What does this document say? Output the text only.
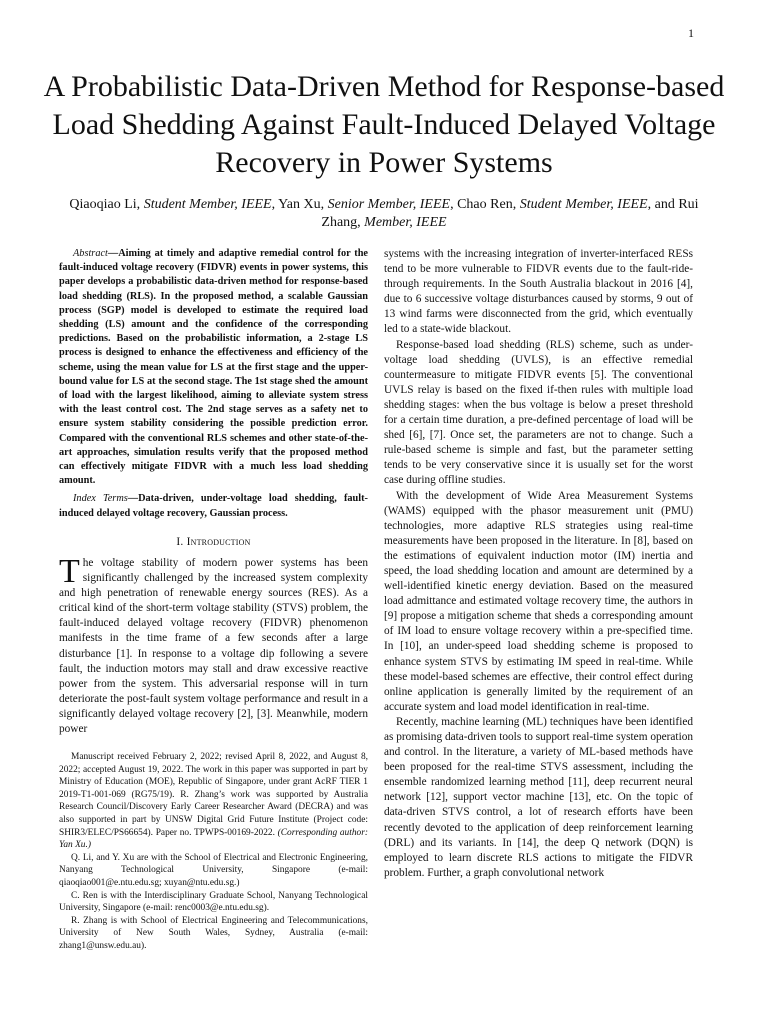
1
A Probabilistic Data-Driven Method for Response-based Load Shedding Against Fault-Induced Delayed Voltage Recovery in Power Systems
Qiaoqiao Li, Student Member, IEEE, Yan Xu, Senior Member, IEEE, Chao Ren, Student Member, IEEE, and Rui Zhang, Member, IEEE

Abstract—Aiming at timely and adaptive remedial control for the fault-induced voltage recovery (FIDVR) events in power systems, this paper develops a probabilistic data-driven method for response-based load shedding (RLS). In the proposed method, a scalable Gaussian process (SGP) model is developed to estimate the required load shedding (LS) amount and the confidence of the corresponding predictions. Based on the probabilistic information, a 2-stage LS process is designed to enhance the effectiveness and efficiency of the scheme, using the mean value for LS at the first stage and the upper-bound value for LS at the second stage. The 1st stage shed the amount of load with the largest likelihood, aiming to alleviate system stress with the least control cost. The 2nd stage serves as a safety net to ensure system stability considering the possible prediction error. Compared with the conventional RLS schemes and other state-of-the-art approaches, simulation results verify that the proposed method can effectively mitigate FIDVR with a much less load shedding amount.

Index Terms—Data-driven, under-voltage load shedding, fault-induced delayed voltage recovery, Gaussian process.

I. Introduction

The voltage stability of modern power systems has been significantly challenged by the increased system complexity and high penetration of renewable energy sources (RES). As a critical kind of the short-term voltage stability (STVS) problem, the fault-induced delayed voltage recovery (FIDVR) phenomenon manifests in the time frame of a few seconds after a large disturbance [1]. In response to a voltage dip following a severe fault, the induction motors may stall and draw excessive reactive power from the system. This adversarial response will in turn deteriorate the post-fault system voltage performance and result in a significantly delayed voltage recovery [2], [3]. Meanwhile, modern power

Manuscript received February 2, 2022; revised April 8, 2022, and August 8, 2022; accepted August 19, 2022. The work in this paper was supported in part by Ministry of Education (MOE), Republic of Singapore, under grant AcRF TIER 1 2019-T1-001-069 (RG75/19). R. Zhang’s work was supported by Australia Research Council/Discovery Early Career Researcher Award (DECRA) and was also supported in part by UNSW Digital Grid Future Institute (Project code: SHIR3/ELEC/PS66654). Paper no. TPWPS-00169-2022. (Corresponding author: Yan Xu.)

Q. Li, and Y. Xu are with the School of Electrical and Electronic Engineering, Nanyang Technological University, Singapore (e-mail: qiaoqiao001@e.ntu.edu.sg; xuyan@ntu.edu.sg.)

C. Ren is with the Interdisciplinary Graduate School, Nanyang Technological University, Singapore (e-mail: renc0003@e.ntu.edu.sg).

R. Zhang is with School of Electrical Engineering and Telecommunications, University of New South Wales, Sydney, Australia (e-mail: zhang1@unsw.edu.au).

systems with the increasing integration of inverter-interfaced RESs tend to be more vulnerable to FIDVR events due to the fault-ride-through requirements. In the South Australia blackout in 2016 [4], due to 6 successive voltage disturbances caused by storms, 9 out of 13 wind farms were disconnected from the grid, which eventually led to a state-wide blackout.

Response-based load shedding (RLS) scheme, such as under-voltage load shedding (UVLS), is an effective remedial countermeasure to mitigate FIDVR events [5]. The conventional UVLS relay is based on the fixed if-then rules with multiple load shedding stages: when the bus voltage is below a preset threshold for a certain time duration, a pre-defined percentage of load will be shed [6], [7]. Once set, the parameters are not to change. Such a rule-based scheme is simple and fast, but the parameter setting tends to be very conservative since it is usually set for the worst case during offline studies.

With the development of Wide Area Measurement Systems (WAMS) equipped with the phasor measurement unit (PMU) technologies, more adaptive RLS strategies using real-time measurements have been proposed in the literature. In [8], based on the estimations of equivalent induction motor (IM) inertia and speed, the load shedding location and amount are determined by a well-identified kinetic energy deviation. Based on the measured load admittance and estimated voltage recovery time, the authors in [9] propose a mitigation scheme that sheds a corresponding amount of IM load to ensure voltage recovery within a pre-specified time. In [10], an under-speed load shedding scheme is proposed to enhance system STVS by estimating IM speed in real-time. While these model-based schemes are effective, their control effect during online application is generally limited by the requirement of an accurate system and load model identification in real-time.

Recently, machine learning (ML) techniques have been identified as promising data-driven tools to support real-time system operation and control. In the literature, a variety of ML-based methods have been proposed for the real-time STVS assessment, including the ensemble randomized learning method [11], deep recurrent neural network [12], support vector machine [13], etc. On the topic of data-driven STVS control, a lot of research efforts have been recently devoted to the application of deep reinforcement learning (DRL) and its variants. In [14], the deep Q network (DQN) is employed to learn discrete RLS actions to mitigate the FIDVR problem. Further, a graph convolutional network
